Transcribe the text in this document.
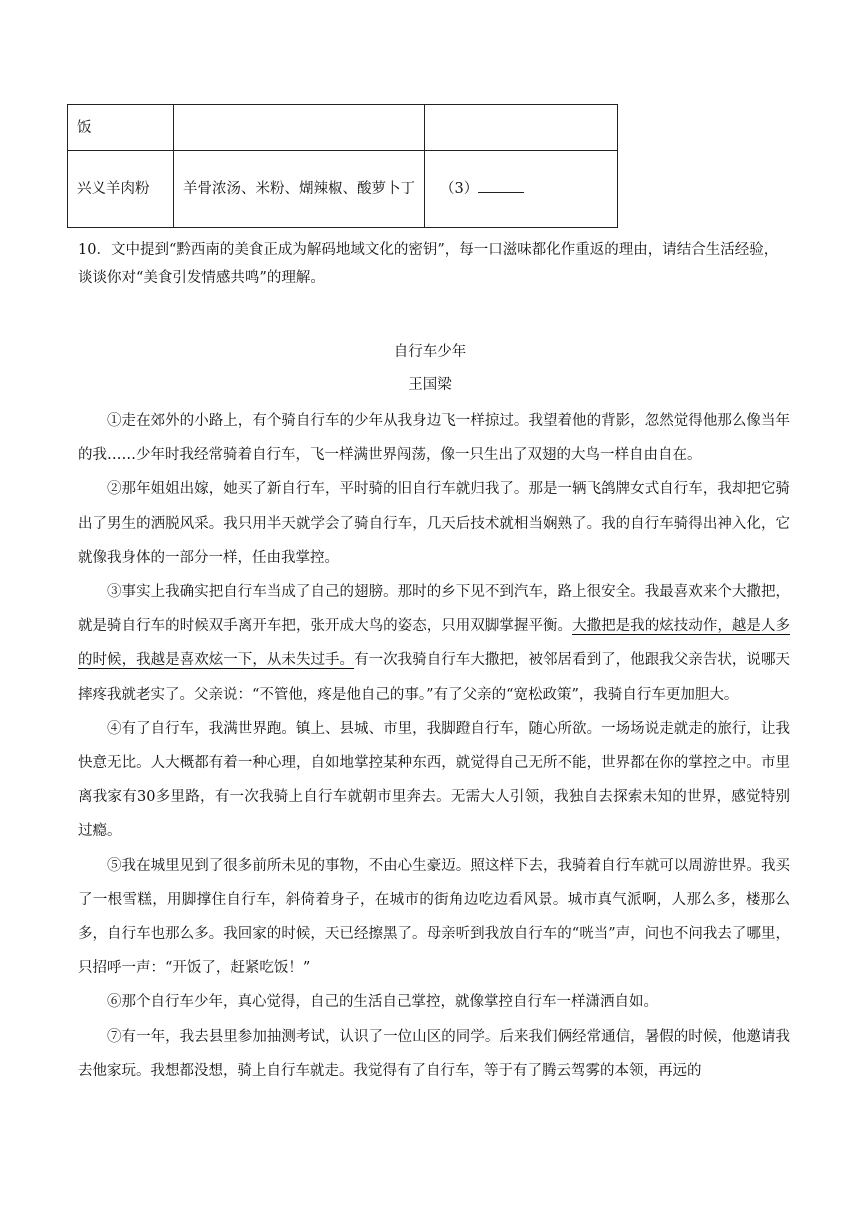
饭		
兴义羊肉粉	羊骨浓汤、米粉、煳辣椒、酸萝卜丁	（3）

10．文中提到“黔西南的美食正成为解码地域文化的密钥”，每一口滋味都化作重返的理由，请结合生活经验，谈谈你对“美食引发情感共鸣”的理解。

自行车少年
王国梁

①走在郊外的小路上，有个骑自行车的少年从我身边飞一样掠过。我望着他的背影，忽然觉得他那么像当年的我……少年时我经常骑着自行车，飞一样满世界闯荡，像一只生出了双翅的大鸟一样自由自在。

②那年姐姐出嫁，她买了新自行车，平时骑的旧自行车就归我了。那是一辆飞鸽牌女式自行车，我却把它骑出了男生的洒脱风采。我只用半天就学会了骑自行车，几天后技术就相当娴熟了。我的自行车骑得出神入化，它就像我身体的一部分一样，任由我掌控。

③事实上我确实把自行车当成了自己的翅膀。那时的乡下见不到汽车，路上很安全。我最喜欢来个大撒把，就是骑自行车的时候双手离开车把，张开成大鸟的姿态，只用双脚掌握平衡。大撒把是我的炫技动作，越是人多的时候，我越是喜欢炫一下，从未失过手。有一次我骑自行车大撒把，被邻居看到了，他跟我父亲告状，说哪天摔疼我就老实了。父亲说：“不管他，疼是他自己的事。”有了父亲的“宽松政策”，我骑自行车更加胆大。

④有了自行车，我满世界跑。镇上、县城、市里，我脚蹬自行车，随心所欲。一场场说走就走的旅行，让我快意无比。人大概都有着一种心理，自如地掌控某种东西，就觉得自己无所不能，世界都在你的掌控之中。市里离我家有30多里路，有一次我骑上自行车就朝市里奔去。无需大人引领，我独自去探索未知的世界，感觉特别过瘾。

⑤我在城里见到了很多前所未见的事物，不由心生豪迈。照这样下去，我骑着自行车就可以周游世界。我买了一根雪糕，用脚撑住自行车，斜倚着身子，在城市的街角边吃边看风景。城市真气派啊，人那么多，楼那么多，自行车也那么多。我回家的时候，天已经擦黑了。母亲听到我放自行车的“咣当”声，问也不问我去了哪里，只招呼一声：“开饭了，赶紧吃饭！”

⑥那个自行车少年，真心觉得，自己的生活自己掌控，就像掌控自行车一样潇洒自如。

⑦有一年，我去县里参加抽测考试，认识了一位山区的同学。后来我们俩经常通信，暑假的时候，他邀请我去他家玩。我想都没想，骑上自行车就走。我觉得有了自行车，等于有了腾云驾雾的本领，再远的
